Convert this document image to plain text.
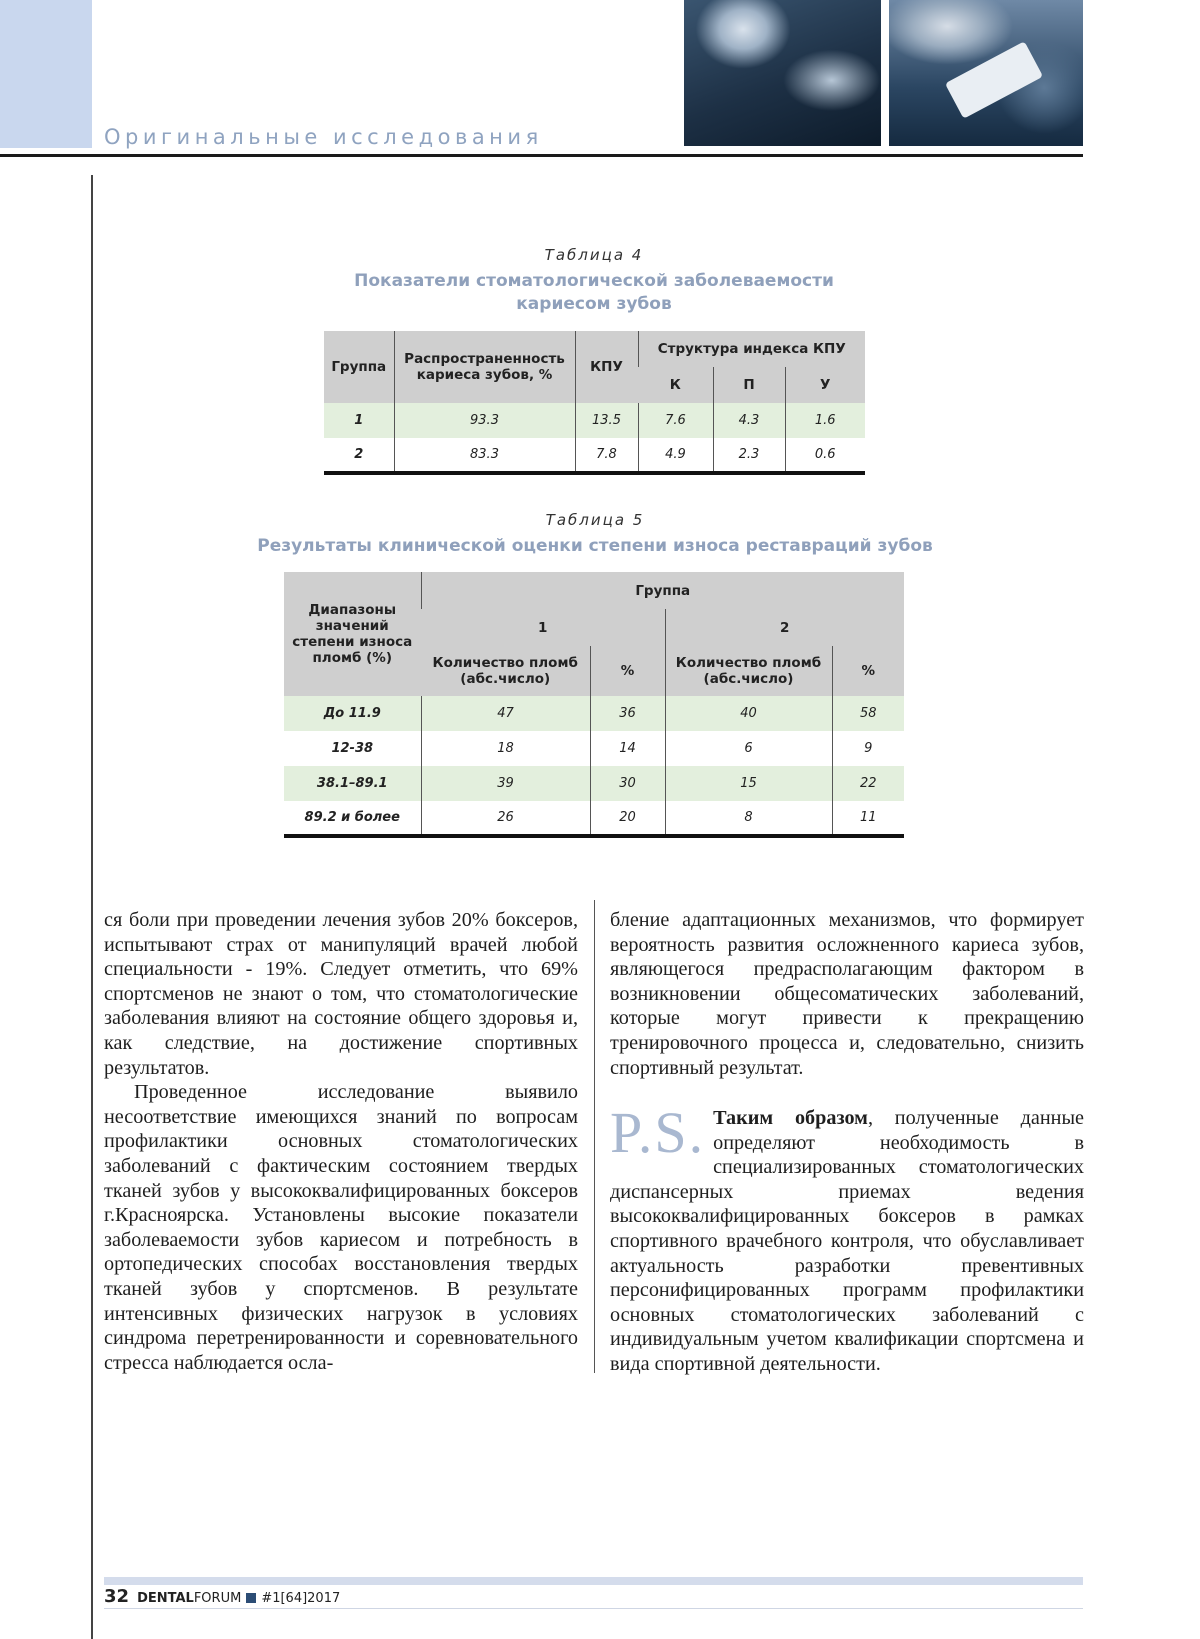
Оригинальные исследования
Таблица 4
Показатели стоматологической заболеваемости
кариесом зубов
Группа	Распространенность кариеса зубов, %	КПУ	Структура индекса КПУ		
			К	П	У
1	93.3	13.5	7.6	4.3	1.6
2	83.3	7.8	4.9	2.3	0.6
Таблица 5
Результаты клинической оценки степени износа реставраций зубов
Диапазоны значений степени износа пломб (%)	Группа			
	1		2	
	Количество пломб (абс.число)	%	Количество пломб (абс.число)	%
До 11.9	47	36	40	58
12-38	18	14	6	9
38.1–89.1	39	30	15	22
89.2 и более	26	20	8	11

ся боли при проведении лечения зубов 20% боксеров, испытывают страх от манипуляций врачей любой специальности - 19%. Следует отметить, что 69% спортсменов не знают о том, что стоматологические заболевания влияют на состояние общего здоровья и, как следствие, на достижение спортивных результатов.

Проведенное исследование выявило несоответствие имеющихся знаний по вопросам профилактики основных стоматологических заболеваний с фактическим состоянием твердых тканей зубов у высококвалифицированных боксеров г.Красноярска. Установлены высокие показатели заболеваемости зубов кариесом и потребность в ортопедических способах восстановления твердых тканей зубов у спортсменов. В результате интенсивных физических нагрузок в условиях синдрома перетренированности и соревновательного стресса наблюдается осла-

бление адаптационных механизмов, что формирует вероятность развития осложненного кариеса зубов, являющегося предрасполагающим фактором в возникновении общесоматических заболеваний, которые могут привести к прекращению тренировочного процесса и, следовательно, снизить спортивный результат.

P.S. Таким образом, полученные данные определяют необходимость в специализированных стоматологических диспансерных приемах ведения высококвалифицированных боксеров в рамках спортивного врачебного контроля, что обуславливает актуальность разработки превентивных персонифицированных программ профилактики основных стоматологических заболеваний с индивидуальным учетом квалификации спортсмена и вида спортивной деятельности.
32 DENTALFORUM #1[64]2017
